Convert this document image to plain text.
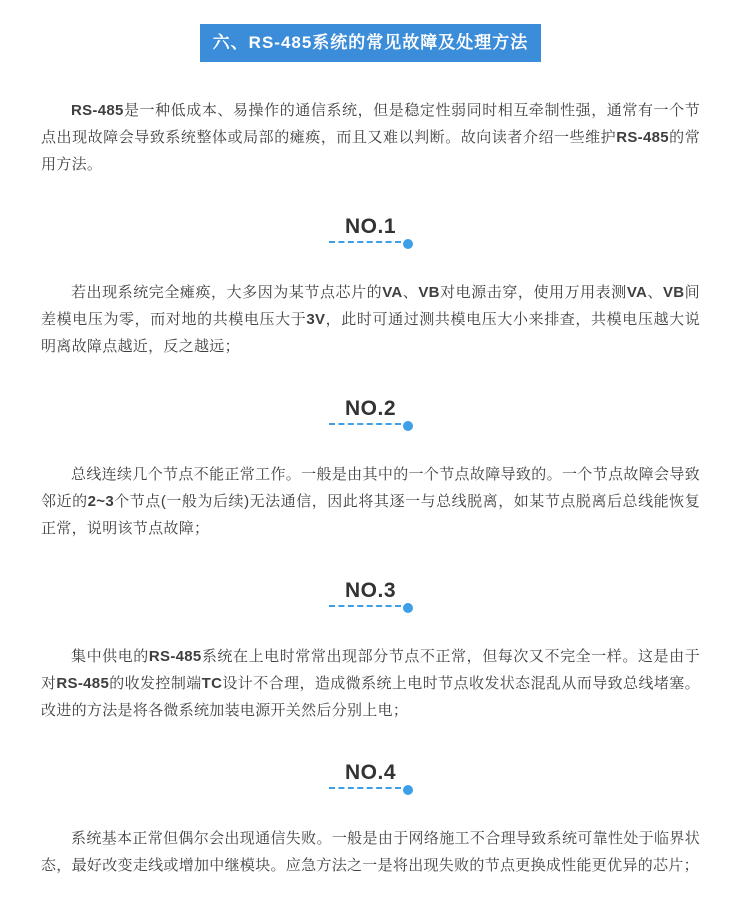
六、RS-485系统的常见故障及处理方法

RS-485是一种低成本、易操作的通信系统，但是稳定性弱同时相互牵制性强，通常有一个节点出现故障会导致系统整体或局部的瘫痪，而且又难以判断。故向读者介绍一些维护RS-485的常用方法。

NO.1

若出现系统完全瘫痪，大多因为某节点芯片的VA、VB对电源击穿，使用万用表测VA、VB间差模电压为零，而对地的共模电压大于3V，此时可通过测共模电压大小来排查，共模电压越大说明离故障点越近，反之越远；

NO.2

总线连续几个节点不能正常工作。一般是由其中的一个节点故障导致的。一个节点故障会导致邻近的2~3个节点(一般为后续)无法通信，因此将其逐一与总线脱离，如某节点脱离后总线能恢复正常，说明该节点故障；

NO.3

集中供电的RS-485系统在上电时常常出现部分节点不正常，但每次又不完全一样。这是由于对RS-485的收发控制端TC设计不合理，造成微系统上电时节点收发状态混乱从而导致总线堵塞。改进的方法是将各微系统加装电源开关然后分别上电；

NO.4

系统基本正常但偶尔会出现通信失败。一般是由于网络施工不合理导致系统可靠性处于临界状态，最好改变走线或增加中继模块。应急方法之一是将出现失败的节点更换成性能更优异的芯片；
